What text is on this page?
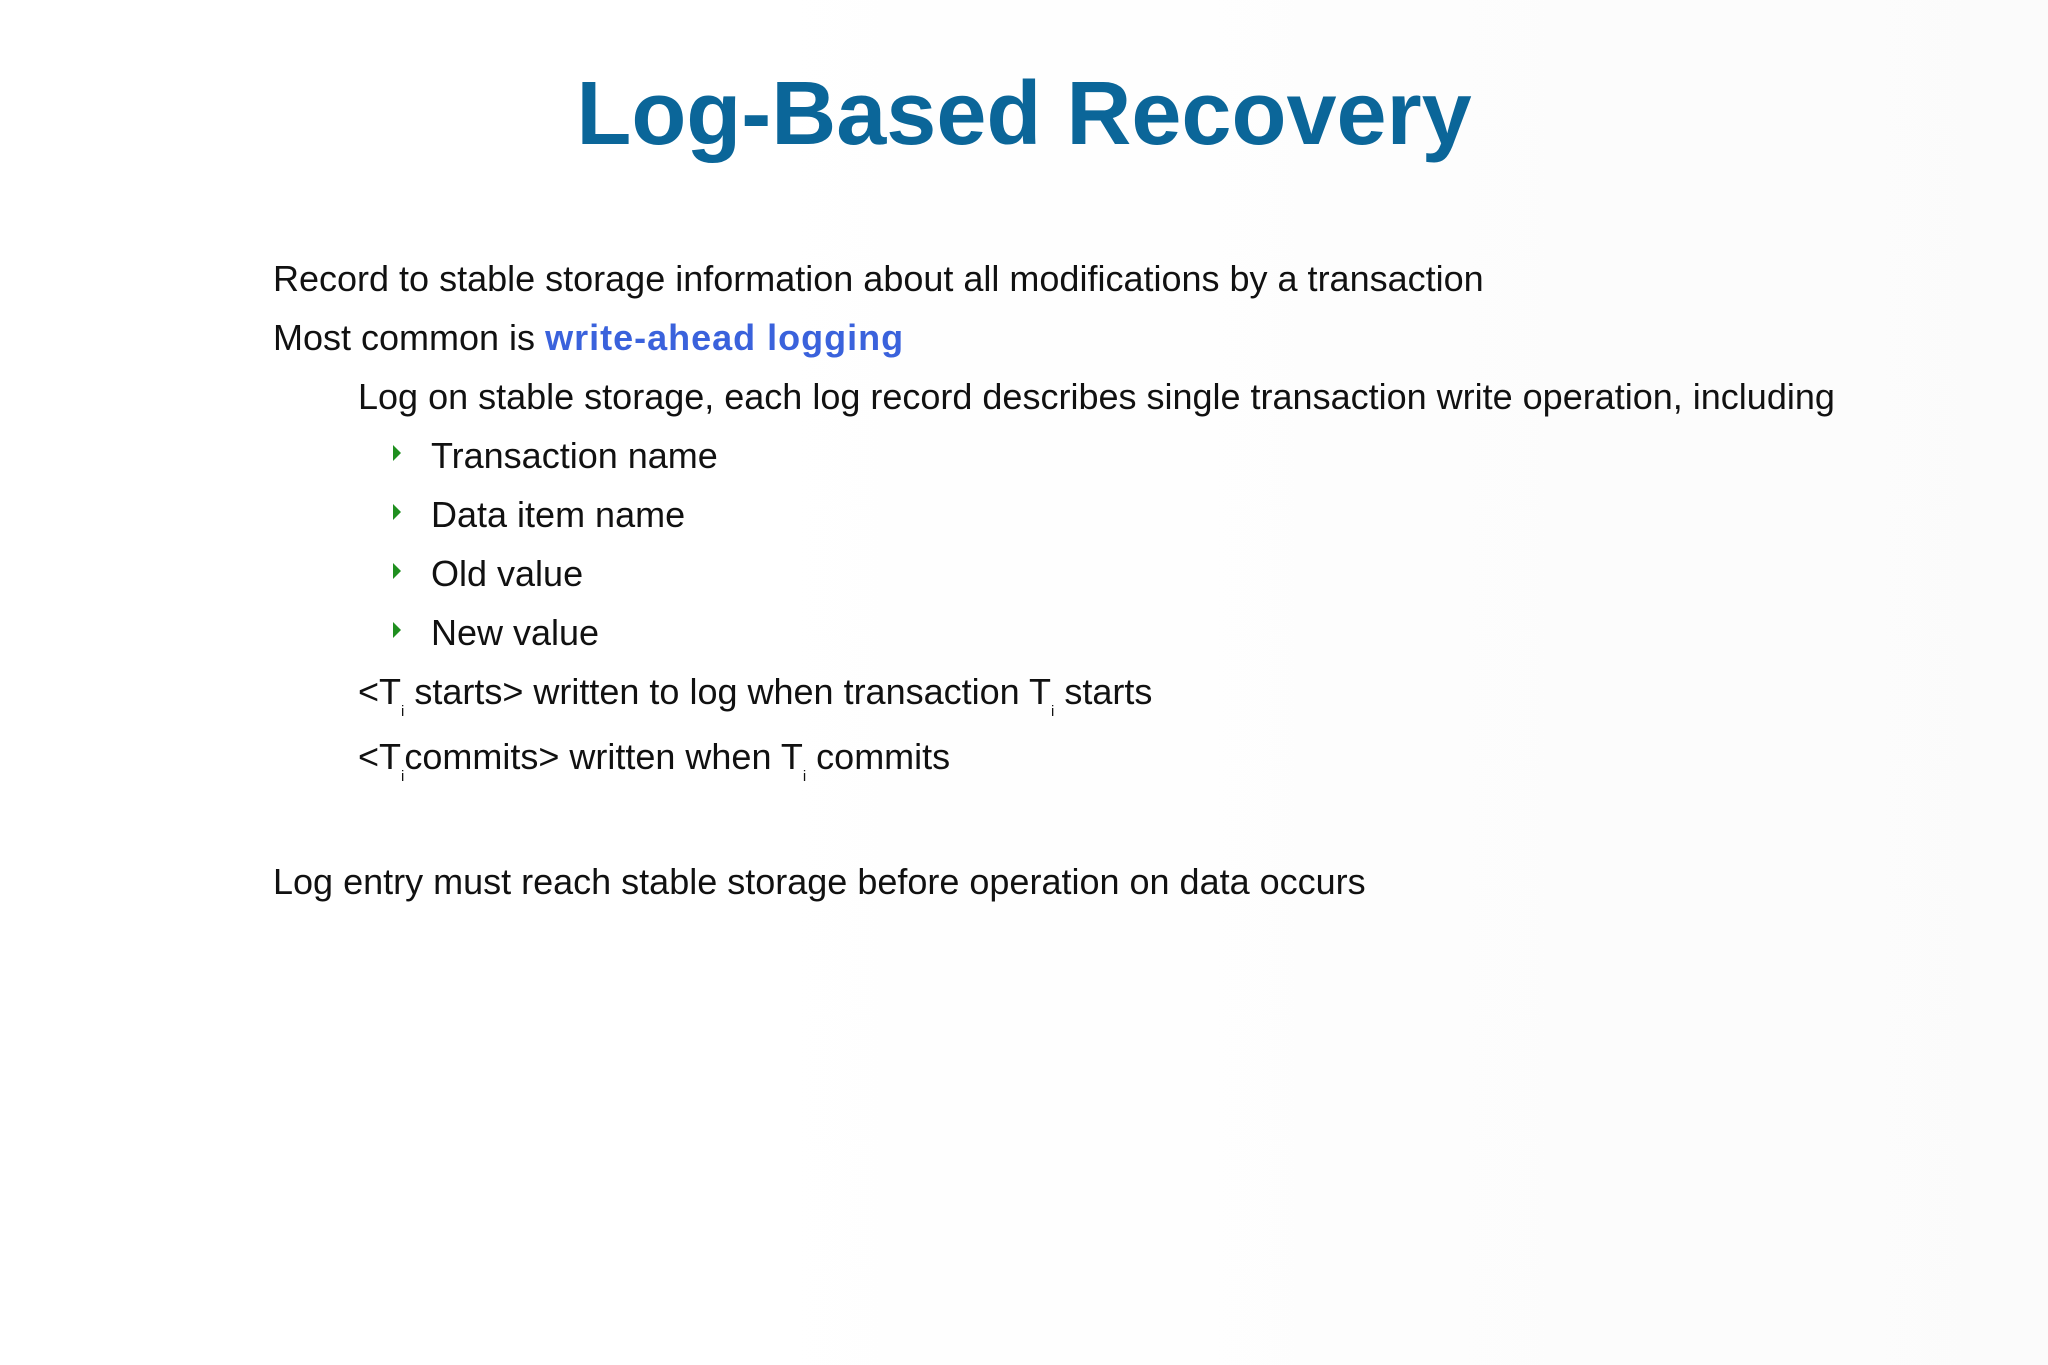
Log-Based Recovery
Record to stable storage information about all modifications by a transaction
Most common is write-ahead logging
Log on stable storage, each log record describes single transaction write operation, including
Transaction name
Data item name
Old value
New value
$<T_i$ starts> written to log when transaction $T_i$ starts
$<T_icommits>$ written when $T_i$ commits
Log entry must reach stable storage before operation on data occurs
